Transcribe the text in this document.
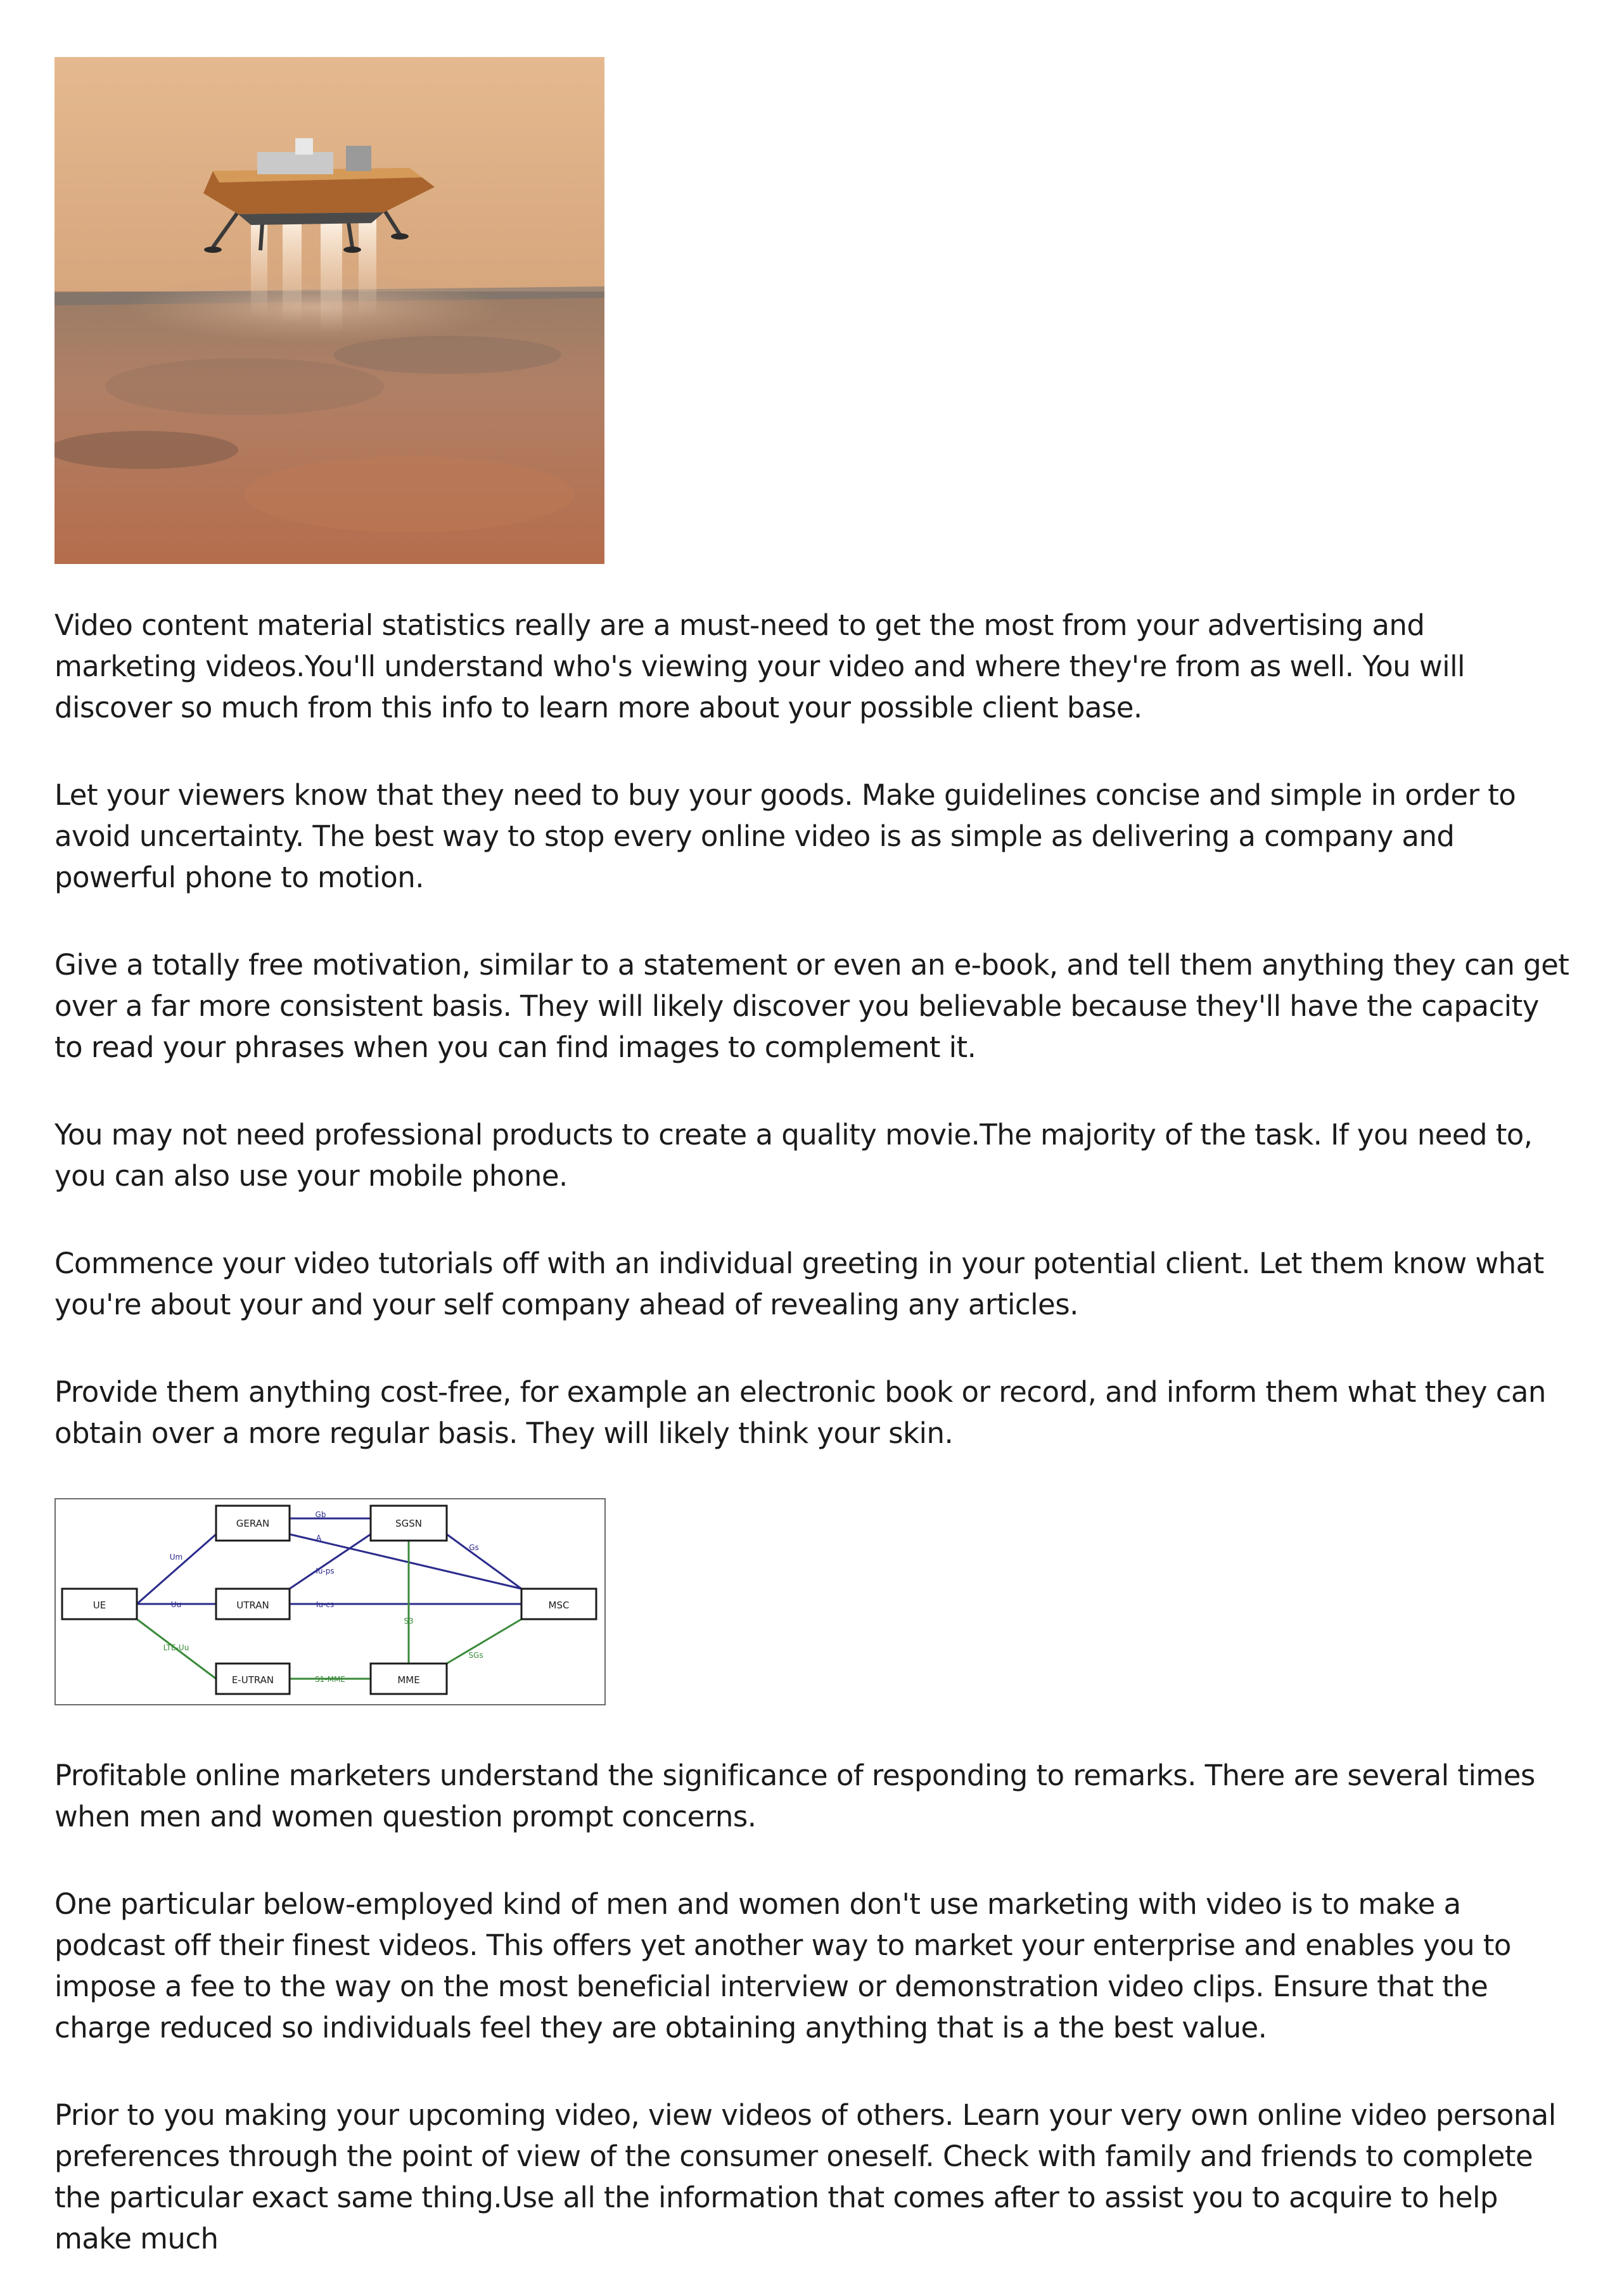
Video content material statistics really are a must-need to get the most from your advertising and marketing videos.You'll understand who's viewing your video and where they're from as well. You will discover so much from this info to learn more about your possible client base.

Let your viewers know that they need to buy your goods. Make guidelines concise and simple in order to avoid uncertainty. The best way to stop every online video is as simple as delivering a company and powerful phone to motion.

Give a totally free motivation, similar to a statement or even an e-book, and tell them anything they can get over a far more consistent basis. They will likely discover you believable because they'll have the capacity to read your phrases when you can find images to complement it.

You may not need professional products to create a quality movie.The majority of the task. If you need to, you can also use your mobile phone.

Commence your video tutorials off with an individual greeting in your potential client. Let them know what you're about your and your self company ahead of revealing any articles.

Provide them anything cost-free, for example an electronic book or record, and inform them what they can obtain over a more regular basis. They will likely think your skin.

UE
GERAN
UTRAN
E-UTRAN
SGSN
MME
MSC
Um
Uu
LTE-Uu
Gb
A
Iu-ps
Iu-cs
Gs
S3
SGs
S1-MME

Profitable online marketers understand the significance of responding to remarks. There are several times when men and women question prompt concerns.

One particular below-employed kind of men and women don't use marketing with video is to make a podcast off their finest videos. This offers yet another way to market your enterprise and enables you to impose a fee to the way on the most beneficial interview or demonstration video clips. Ensure that the charge reduced so individuals feel they are obtaining anything that is a the best value.

Prior to you making your upcoming video, view videos of others. Learn your very own online video personal preferences through the point of view of the consumer oneself. Check with family and friends to complete the particular exact same thing.Use all the information that comes after to assist you to acquire to help make much
